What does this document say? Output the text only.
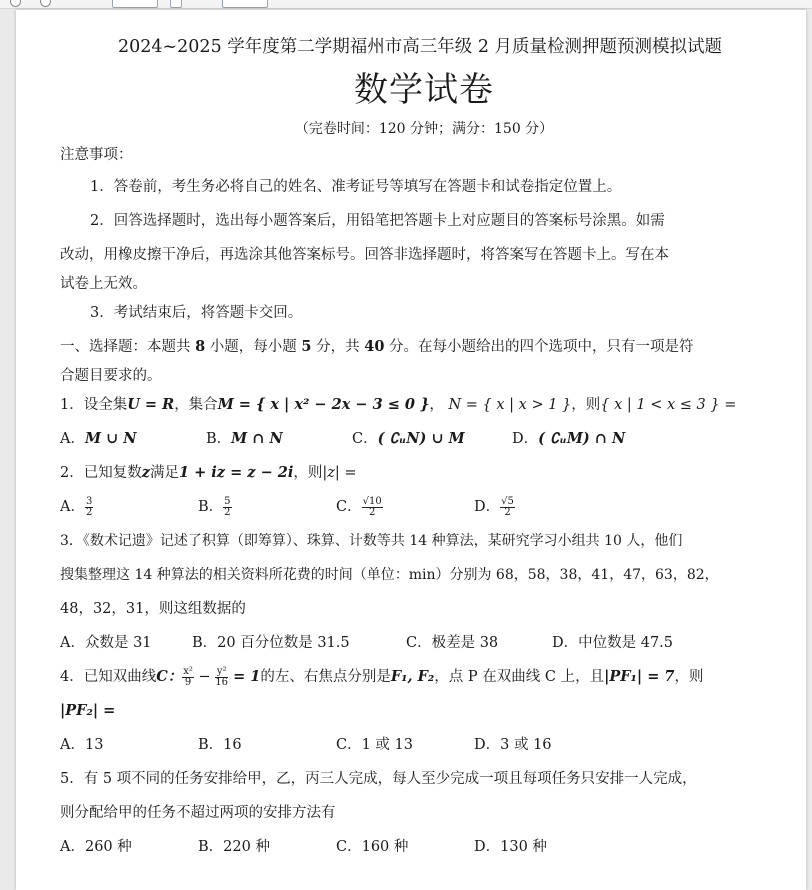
2024~2025 学年度第二学期福州市高三年级 2 月质量检测押题预测模拟试题
数学试卷
（完卷时间：120 分钟；满分：150 分）

注意事项：

1．答卷前，考生务必将自己的姓名、准考证号等填写在答题卡和试卷指定位置上。

2．回答选择题时，选出每小题答案后，用铅笔把答题卡上对应题目的答案标号涂黑。如需

改动，用橡皮擦干净后，再选涂其他答案标号。回答非选择题时，将答案写在答题卡上。写在本

试卷上无效。

3．考试结束后，将答题卡交回。

一、选择题：本题共 8 小题，每小题 5 分，共 40 分。在每小题给出的四个选项中，只有一项是符

合题目要求的。

1．设全集U = R，集合M = { x | x² − 2x − 3 ≤ 0 }， N = { x | x > 1 }，则{ x | 1 < x ≤ 3 } =

A．M ∪ N	B．M ∩ N	C．( ∁ᵤN) ∪ M	D．( ∁ᵤM) ∩ N

2．已知复数z满足1 + iz = z − 2i，则|z| =

A． $\frac{3}{2}$	B． $\frac{5}{2}$	C． $\frac{√10}{2}$	D． $\frac{√5}{2}$

3．《数术记遗》记述了积算（即筹算）、珠算、计数等共 14 种算法，某研究学习小组共 10 人，他们

搜集整理这 14 种算法的相关资料所花费的时间（单位：min）分别为 68，58，38，41，47，63，82，

48，32，31，则这组数据的

A．众数是 31	B．20 百分位数是 31.5	C．极差是 38	D．中位数是 47.5

4．已知双曲线C： $\frac{\text{x²}}{9} - \frac{\text{y²}}{16} = 1$的左、右焦点分别是F₁, F₂，点 P 在双曲线 C 上，且|PF₁| = 7，则

|PF₂| =

A．13	B．16	C．1 或 13	D．3 或 16

5．有 5 项不同的任务安排给甲，乙，丙三人完成，每人至少完成一项且每项任务只安排一人完成，

则分配给甲的任务不超过两项的安排方法有

A．260 种	B．220 种	C．160 种	D．130 种
